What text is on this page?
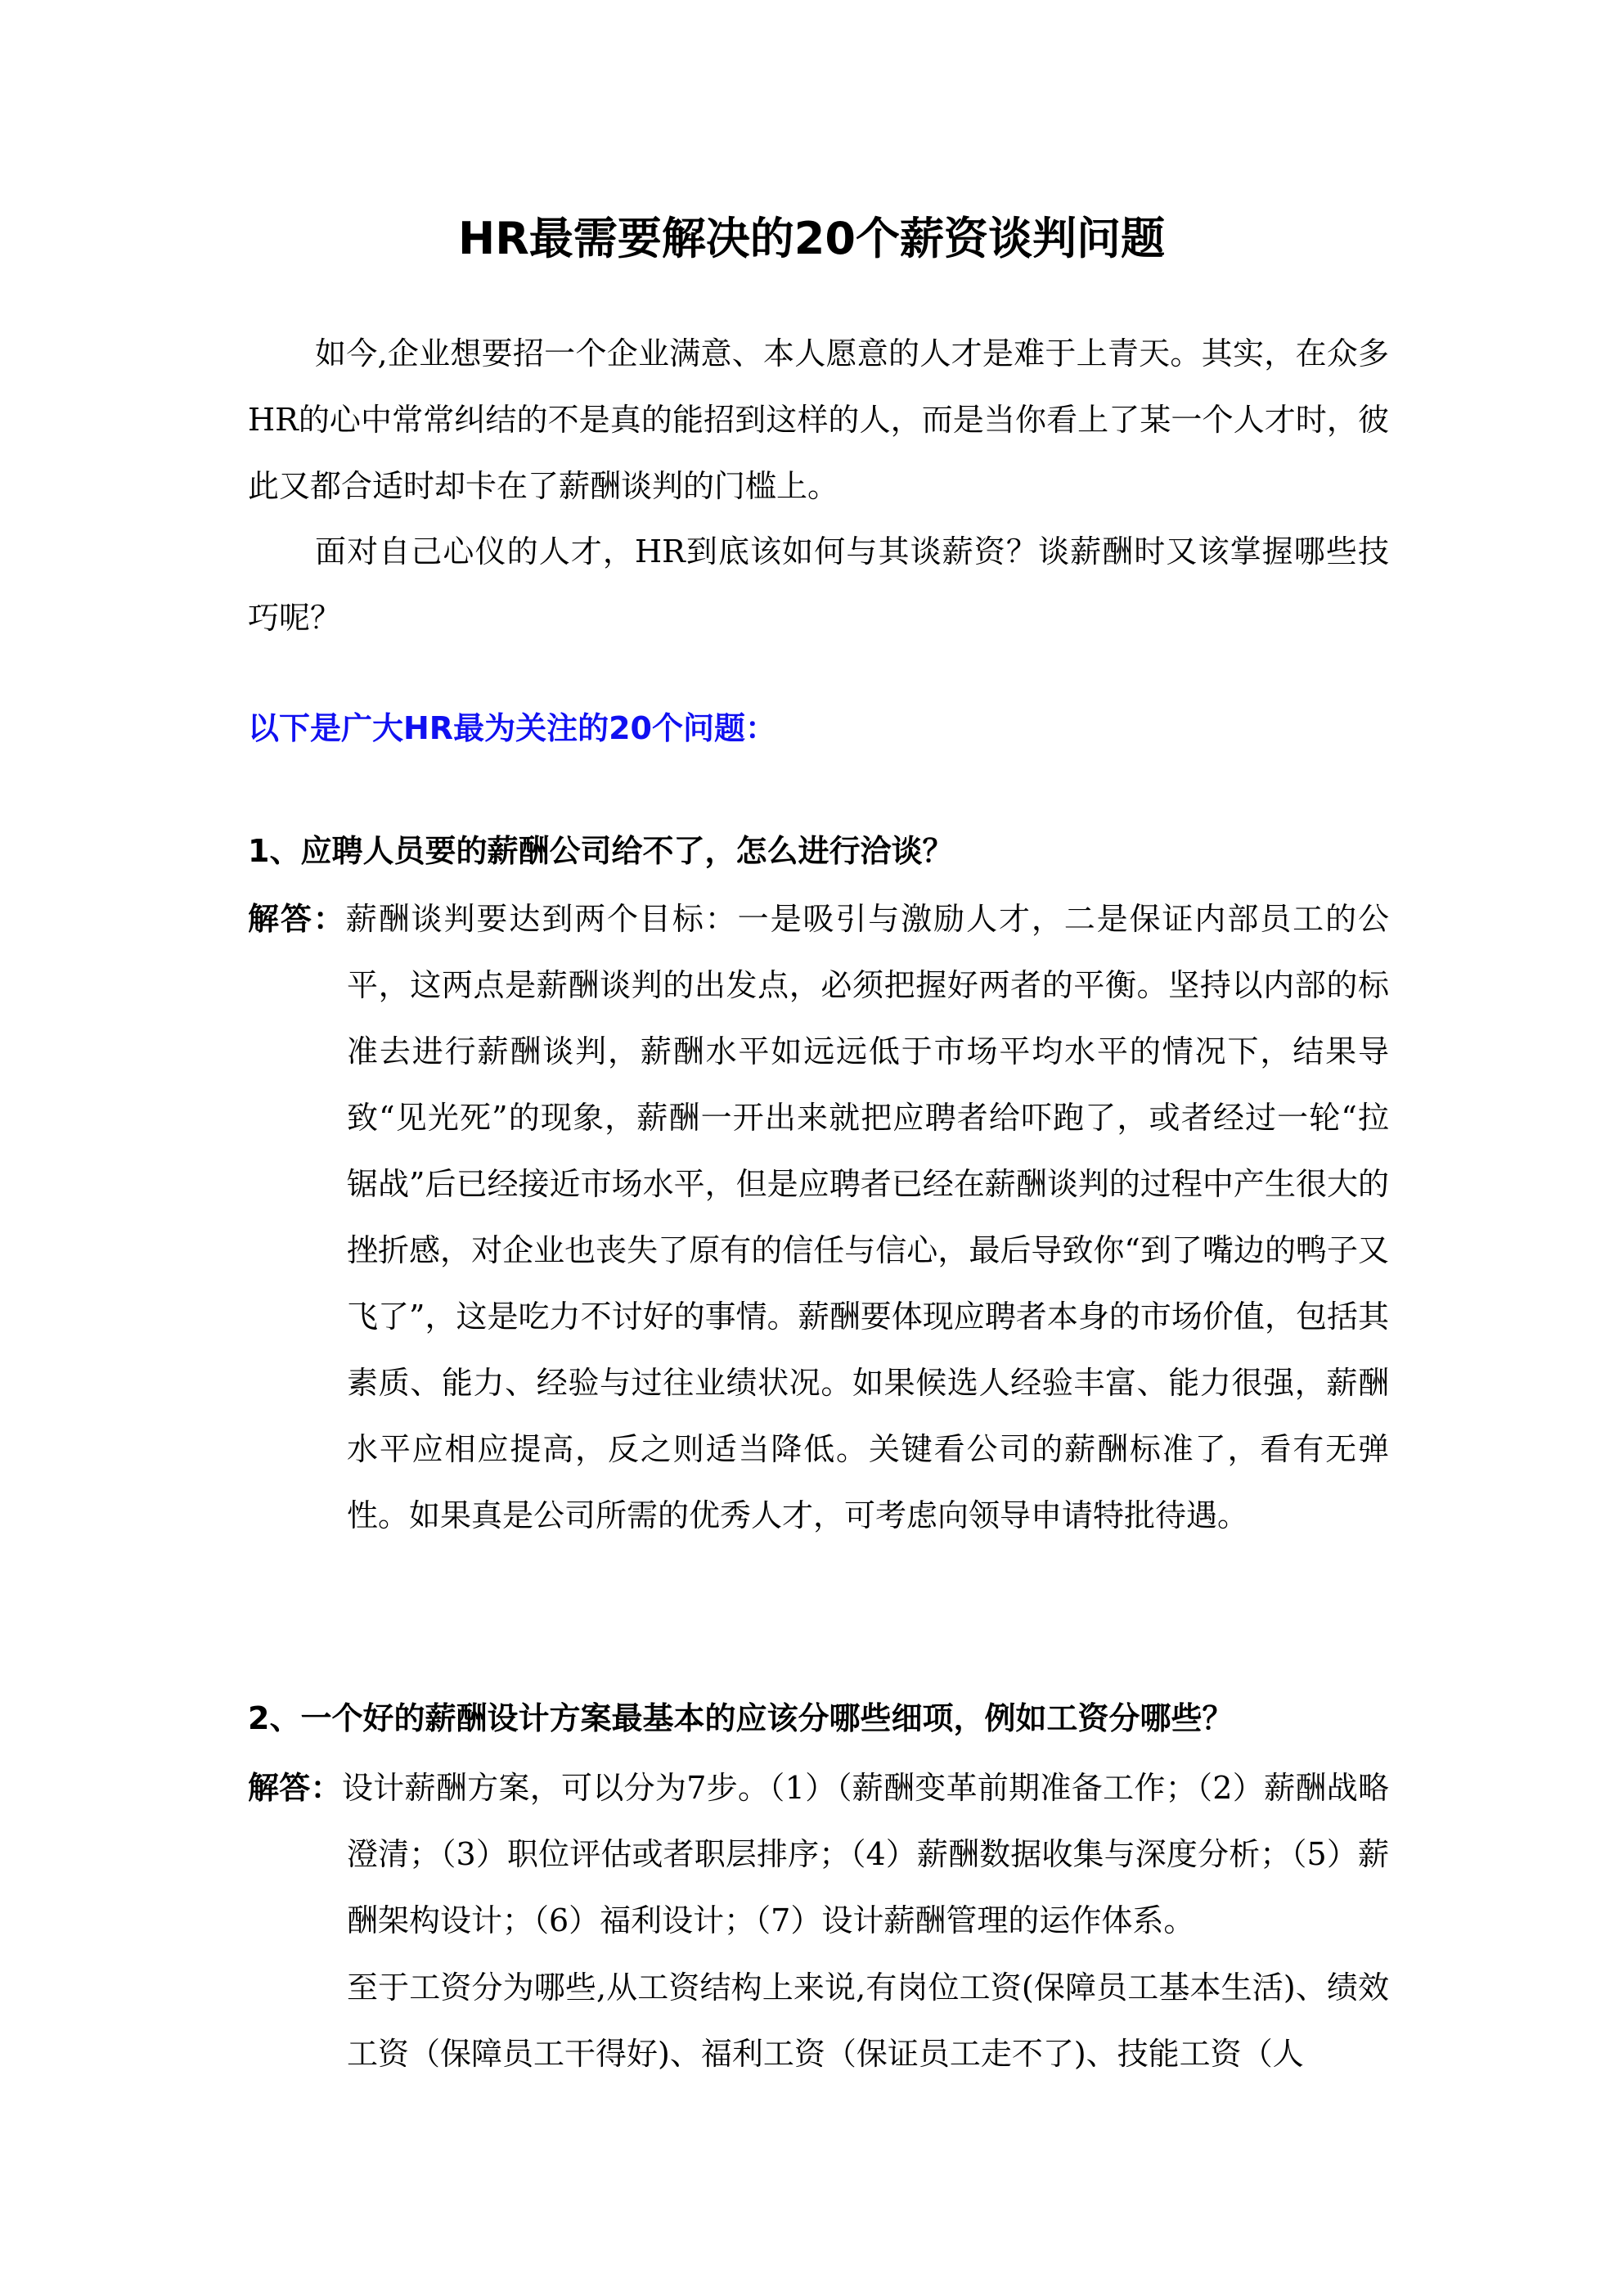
HR最需要解决的20个薪资谈判问题

如今,企业想要招一个企业满意、本人愿意的人才是难于上青天。其实，在众多HR的心中常常纠结的不是真的能招到这样的人，而是当你看上了某一个人才时，彼此又都合适时却卡在了薪酬谈判的门槛上。

面对自己心仪的人才，HR到底该如何与其谈薪资？谈薪酬时又该掌握哪些技巧呢？

以下是广大HR最为关注的20个问题：
1、应聘人员要的薪酬公司给不了，怎么进行洽谈？

解答：薪酬谈判要达到两个目标：一是吸引与激励人才，二是保证内部员工的公平，这两点是薪酬谈判的出发点，必须把握好两者的平衡。坚持以内部的标准去进行薪酬谈判，薪酬水平如远远低于市场平均水平的情况下，结果导致“见光死”的现象，薪酬一开出来就把应聘者给吓跑了，或者经过一轮“拉锯战”后已经接近市场水平，但是应聘者已经在薪酬谈判的过程中产生很大的挫折感，对企业也丧失了原有的信任与信心，最后导致你“到了嘴边的鸭子又飞了”，这是吃力不讨好的事情。薪酬要体现应聘者本身的市场价值，包括其素质、能力、经验与过往业绩状况。如果候选人经验丰富、能力很强，薪酬水平应相应提高，反之则适当降低。关键看公司的薪酬标准了，看有无弹性。如果真是公司所需的优秀人才，可考虑向领导申请特批待遇。

2、一个好的薪酬设计方案最基本的应该分哪些细项，例如工资分哪些？

解答：设计薪酬方案，可以分为7步。（1）（薪酬变革前期准备工作；（2）薪酬战略澄清；（3）职位评估或者职层排序；（4）薪酬数据收集与深度分析；（5）薪酬架构设计；（6）福利设计；（7）设计薪酬管理的运作体系。

至于工资分为哪些,从工资结构上来说,有岗位工资(保障员工基本生活)、绩效工资（保障员工干得好)、福利工资（保证员工走不了)、技能工资（人
